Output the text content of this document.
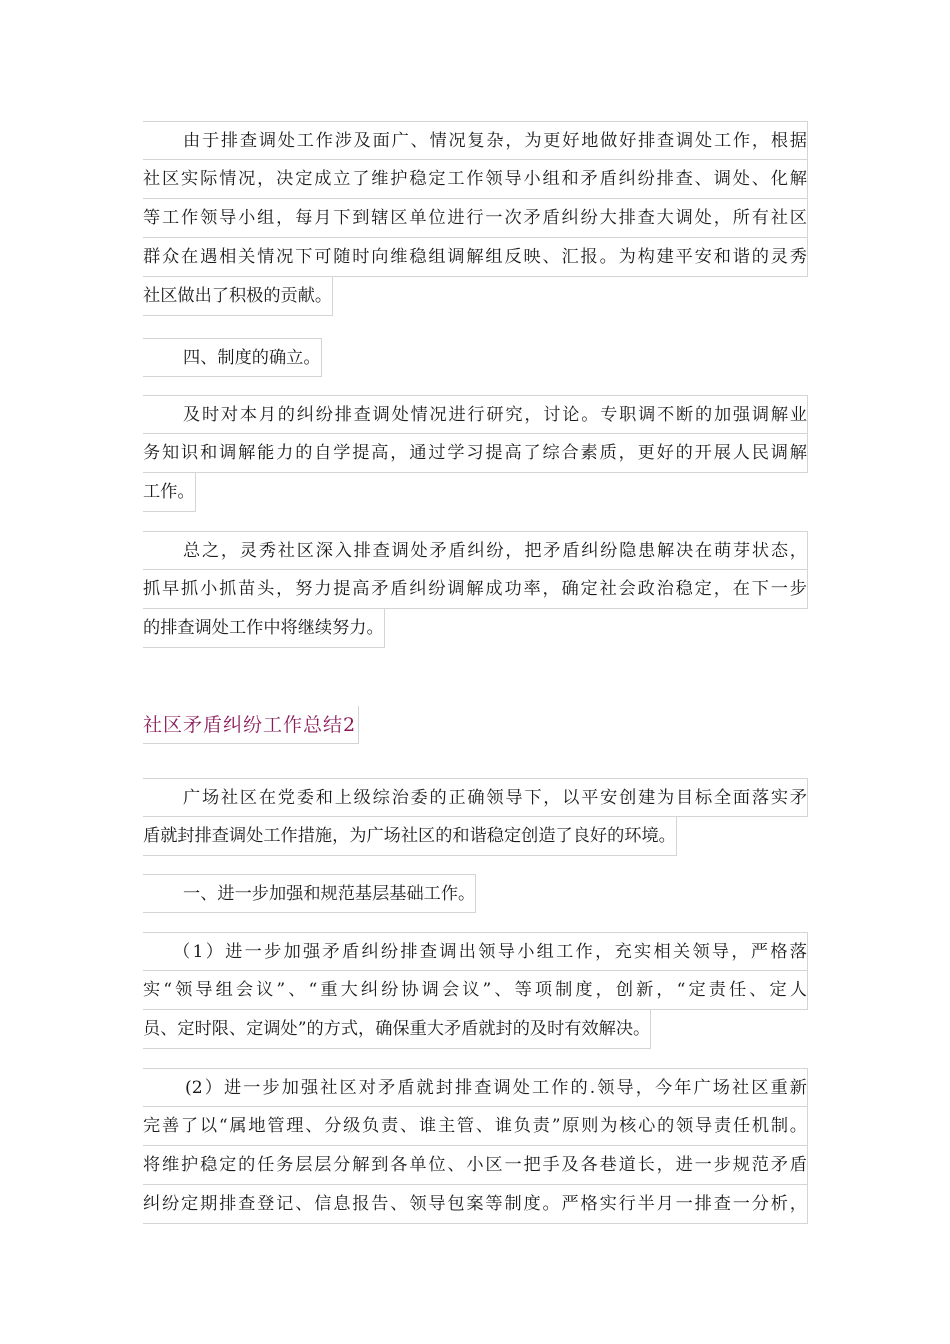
由于排查调处工作涉及面广、情况复杂，为更好地做好排查调处工作，根据
社区实际情况，决定成立了维护稳定工作领导小组和矛盾纠纷排查、调处、化解
等工作领导小组，每月下到辖区单位进行一次矛盾纠纷大排查大调处，所有社区
群众在遇相关情况下可随时向维稳组调解组反映、汇报。为构建平安和谐的灵秀
社区做出了积极的贡献。
四、制度的确立。
及时对本月的纠纷排查调处情况进行研究，讨论。专职调不断的加强调解业
务知识和调解能力的自学提高，通过学习提高了综合素质，更好的开展人民调解
工作。
总之，灵秀社区深入排查调处矛盾纠纷，把矛盾纠纷隐患解决在萌芽状态，
抓早抓小抓苗头，努力提高矛盾纠纷调解成功率，确定社会政治稳定，在下一步
的排查调处工作中将继续努力。
社区矛盾纠纷工作总结2
广场社区在党委和上级综治委的正确领导下，以平安创建为目标全面落实矛
盾就封排查调处工作措施，为广场社区的和谐稳定创造了良好的环境。
一、进一步加强和规范基层基础工作。
（1）进一步加强矛盾纠纷排查调出领导小组工作，充实相关领导，严格落
实“领导组会议”、“重大纠纷协调会议”、等项制度，创新，“定责任、定人
员、定时限、定调处”的方式，确保重大矛盾就封的及时有效解决。
(2）进一步加强社区对矛盾就封排查调处工作的.领导，今年广场社区重新
完善了以“属地管理、分级负责、谁主管、谁负责”原则为核心的领导责任机制。
将维护稳定的任务层层分解到各单位、小区一把手及各巷道长，进一步规范矛盾
纠纷定期排查登记、信息报告、领导包案等制度。严格实行半月一排查一分析，
